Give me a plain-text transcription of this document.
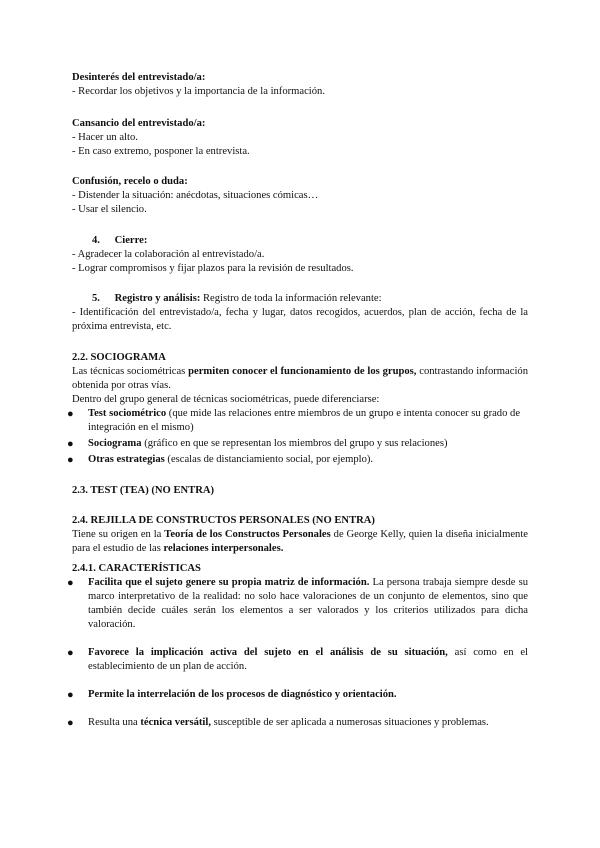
Desinterés del entrevistado/a:

- Recordar los objetivos y la importancia de la información.

Cansancio del entrevistado/a:

- Hacer un alto.

- En caso extremo, posponer la entrevista.

Confusión, recelo o duda:

- Distender la situación: anécdotas, situaciones cómicas…

- Usar el silencio.

4. Cierre:

- Agradecer la colaboración al entrevistado/a.

- Lograr compromisos y fijar plazos para la revisión de resultados.

5. Registro y análisis: Registro de toda la información relevante:

- Identificación del entrevistado/a, fecha y lugar, datos recogidos, acuerdos, plan de acción, fecha de la próxima entrevista, etc.

2.2. SOCIOGRAMA

Las técnicas sociométricas permiten conocer el funcionamiento de los grupos, contrastando información obtenida por otras vías.

Dentro del grupo general de técnicas sociométricas, puede diferenciarse:

● Test sociométrico (que mide las relaciones entre miembros de un grupo e intenta conocer su grado de integración en el mismo)
● Sociograma (gráfico en que se representan los miembros del grupo y sus relaciones)
● Otras estrategias (escalas de distanciamiento social, por ejemplo).

2.3. TEST (TEA) (NO ENTRA)

2.4. REJILLA DE CONSTRUCTOS PERSONALES (NO ENTRA)

Tiene su origen en la Teoría de los Constructos Personales de George Kelly, quien la diseña inicialmente para el estudio de las relaciones interpersonales.

2.4.1. CARACTERÍSTICAS

● Facilita que el sujeto genere su propia matriz de información. La persona trabaja siempre desde su marco interpretativo de la realidad: no solo hace valoraciones de un conjunto de elementos, sino que también decide cuáles serán los elementos a ser valorados y los criterios utilizados para dicha valoración.
● Favorece la implicación activa del sujeto en el análisis de su situación, así como en el establecimiento de un plan de acción.
● Permite la interrelación de los procesos de diagnóstico y orientación.
● Resulta una técnica versátil, susceptible de ser aplicada a numerosas situaciones y problemas.
